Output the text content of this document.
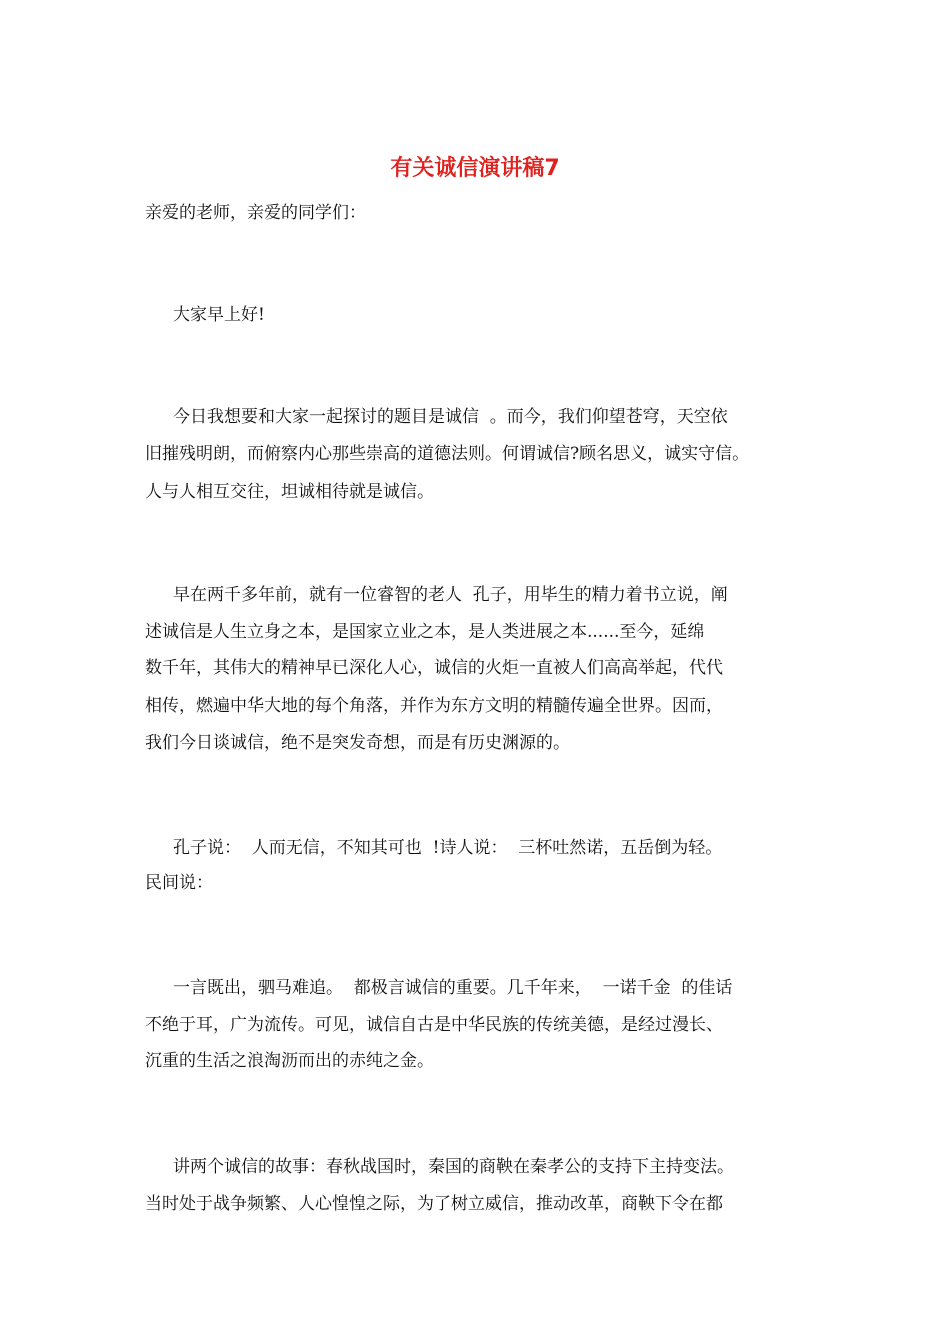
有关诚信演讲稿7
亲爱的老师，亲爱的同学们：
大家早上好!
今日我想要和大家一起探讨的题目是诚信  。而今，我们仰望苍穹，天空依
旧摧残明朗，而俯察内心那些崇高的道德法则。何谓诚信?顾名思义，诚实守信。
人与人相互交往，坦诚相待就是诚信。
早在两千多年前，就有一位睿智的老人  孔子，用毕生的精力着书立说，阐
述诚信是人生立身之本，是国家立业之本，是人类进展之本......至今，延绵
数千年，其伟大的精神早已深化人心，诚信的火炬一直被人们高高举起，代代
相传，燃遍中华大地的每个角落，并作为东方文明的精髓传遍全世界。因而，
我们今日谈诚信，绝不是突发奇想，而是有历史渊源的。
孔子说：  人而无信，不知其可也  !诗人说：  三杯吐然诺，五岳倒为轻。
民间说：
一言既出，驷马难追。  都极言诚信的重要。几千年来，  一诺千金  的佳话
不绝于耳，广为流传。可见，诚信自古是中华民族的传统美德，是经过漫长、
沉重的生活之浪淘沥而出的赤纯之金。
讲两个诚信的故事：春秋战国时，秦国的商鞅在秦孝公的支持下主持变法。
当时处于战争频繁、人心惶惶之际，为了树立威信，推动改革，商鞅下令在都
